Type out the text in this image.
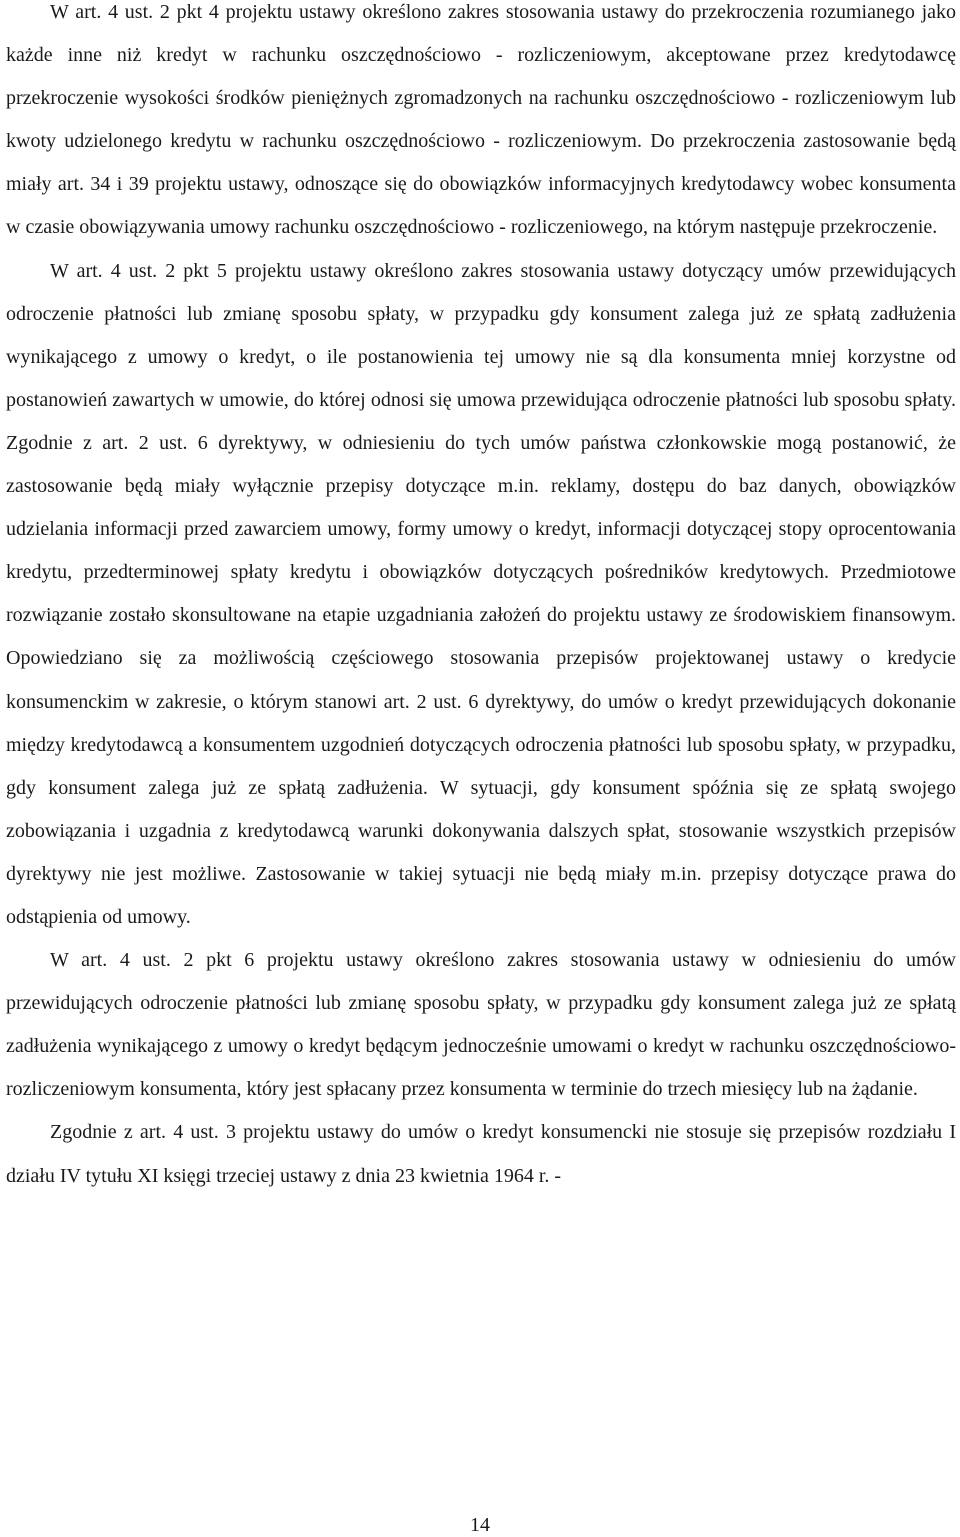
W art. 4 ust. 2 pkt 4 projektu ustawy określono zakres stosowania ustawy do przekroczenia rozumianego jako każde inne niż kredyt w rachunku oszczędnościowo - rozliczeniowym, akceptowane przez kredytodawcę przekroczenie wysokości środków pieniężnych zgromadzonych na rachunku oszczędnościowo - rozliczeniowym lub kwoty udzielonego kredytu w rachunku oszczędnościowo - rozliczeniowym. Do przekroczenia zastosowanie będą miały art. 34 i 39 projektu ustawy, odnoszące się do obowiązków informacyjnych kredytodawcy wobec konsumenta w czasie obowiązywania umowy rachunku oszczędnościowo - rozliczeniowego, na którym następuje przekroczenie.

W art. 4 ust. 2 pkt 5 projektu ustawy określono zakres stosowania ustawy dotyczący umów przewidujących odroczenie płatności lub zmianę sposobu spłaty, w przypadku gdy konsument zalega już ze spłatą zadłużenia wynikającego z umowy o kredyt, o ile postanowienia tej umowy nie są dla konsumenta mniej korzystne od postanowień zawartych w umowie, do której odnosi się umowa przewidująca odroczenie płatności lub sposobu spłaty. Zgodnie z art. 2 ust. 6 dyrektywy, w odniesieniu do tych umów państwa członkowskie mogą postanowić, że zastosowanie będą miały wyłącznie przepisy dotyczące m.in. reklamy, dostępu do baz danych, obowiązków udzielania informacji przed zawarciem umowy, formy umowy o kredyt, informacji dotyczącej stopy oprocentowania kredytu, przedterminowej spłaty kredytu i obowiązków dotyczących pośredników kredytowych. Przedmiotowe rozwiązanie zostało skonsultowane na etapie uzgadniania założeń do projektu ustawy ze środowiskiem finansowym. Opowiedziano się za możliwością częściowego stosowania przepisów projektowanej ustawy o kredycie konsumenckim w zakresie, o którym stanowi art. 2 ust. 6 dyrektywy, do umów o kredyt przewidujących dokonanie między kredytodawcą a konsumentem uzgodnień dotyczących odroczenia płatności lub sposobu spłaty, w przypadku, gdy konsument zalega już ze spłatą zadłużenia. W sytuacji, gdy konsument spóźnia się ze spłatą swojego zobowiązania i uzgadnia z kredytodawcą warunki dokonywania dalszych spłat, stosowanie wszystkich przepisów dyrektywy nie jest możliwe. Zastosowanie w takiej sytuacji nie będą miały m.in. przepisy dotyczące prawa do odstąpienia od umowy.

W art. 4 ust. 2 pkt 6 projektu ustawy określono zakres stosowania ustawy w odniesieniu do umów przewidujących odroczenie płatności lub zmianę sposobu spłaty, w przypadku gdy konsument zalega już ze spłatą zadłużenia wynikającego z umowy o kredyt będącym jednocześnie umowami o kredyt w rachunku oszczędnościowo-rozliczeniowym konsumenta, który jest spłacany przez konsumenta w terminie do trzech miesięcy lub na żądanie.

Zgodnie z art. 4 ust. 3 projektu ustawy do umów o kredyt konsumencki nie stosuje się przepisów rozdziału I działu IV tytułu XI księgi trzeciej ustawy z dnia 23 kwietnia 1964 r. -

14
